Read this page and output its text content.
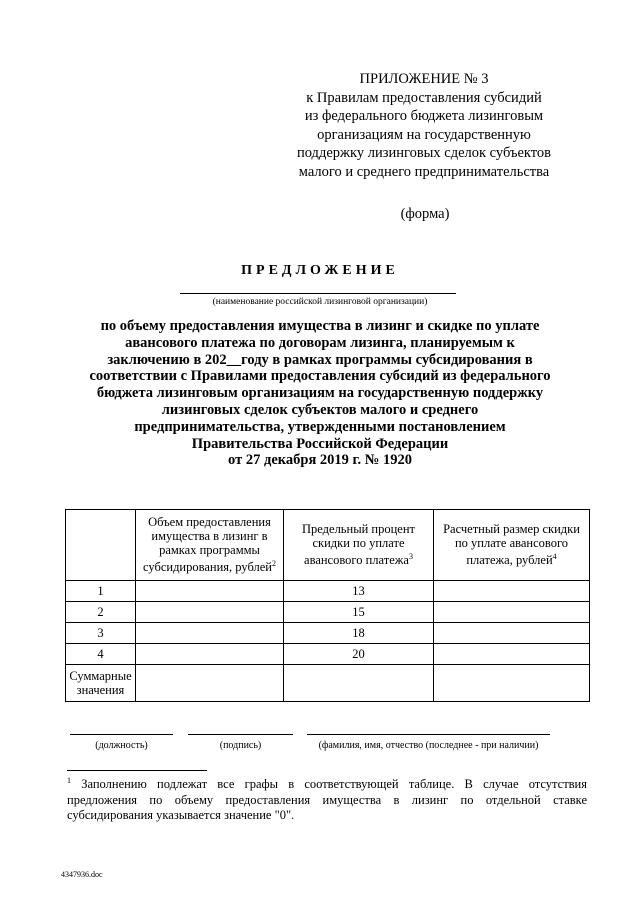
ПРИЛОЖЕНИЕ № 3
к Правилам предоставления субсидий
из федерального бюджета лизинговым
организациям на государственную
поддержку лизинговых сделок субъектов
малого и среднего предпринимательства
(форма)
ПРЕДЛОЖЕНИЕ
(наименование российской лизинговой организации)
по объему предоставления имущества в лизинг и скидке по уплате
авансового платежа по договорам лизинга, планируемым к
заключению в 202__году в рамках программы субсидирования в
соответствии с Правилами предоставления субсидий из федерального
бюджета лизинговым организациям на государственную поддержку
лизинговых сделок субъектов малого и среднего
предпринимательства, утвержденными постановлением
Правительства Российской Федерации
от 27 декабря 2019 г. № 1920
	Объем предоставления имущества в лизинг в рамках программы субсидирования, рублей$^2$	Предельный процент скидки по уплате авансового платежа$^3$	Расчетный размер скидки по уплате авансового платежа, рублей$^4$
1		13	
2		15	
3		18	
4		20	

Суммарные
значения			

(должность)	(подпись)	(фамилия, имя, отчество (последнее - при наличии)
$^1$ Заполнению подлежат все графы в соответствующей таблице. В случае отсутствия
предложения по объему предоставления имущества в лизинг по отдельной ставке
субсидирования указывается значение "0".
4347936.doc
